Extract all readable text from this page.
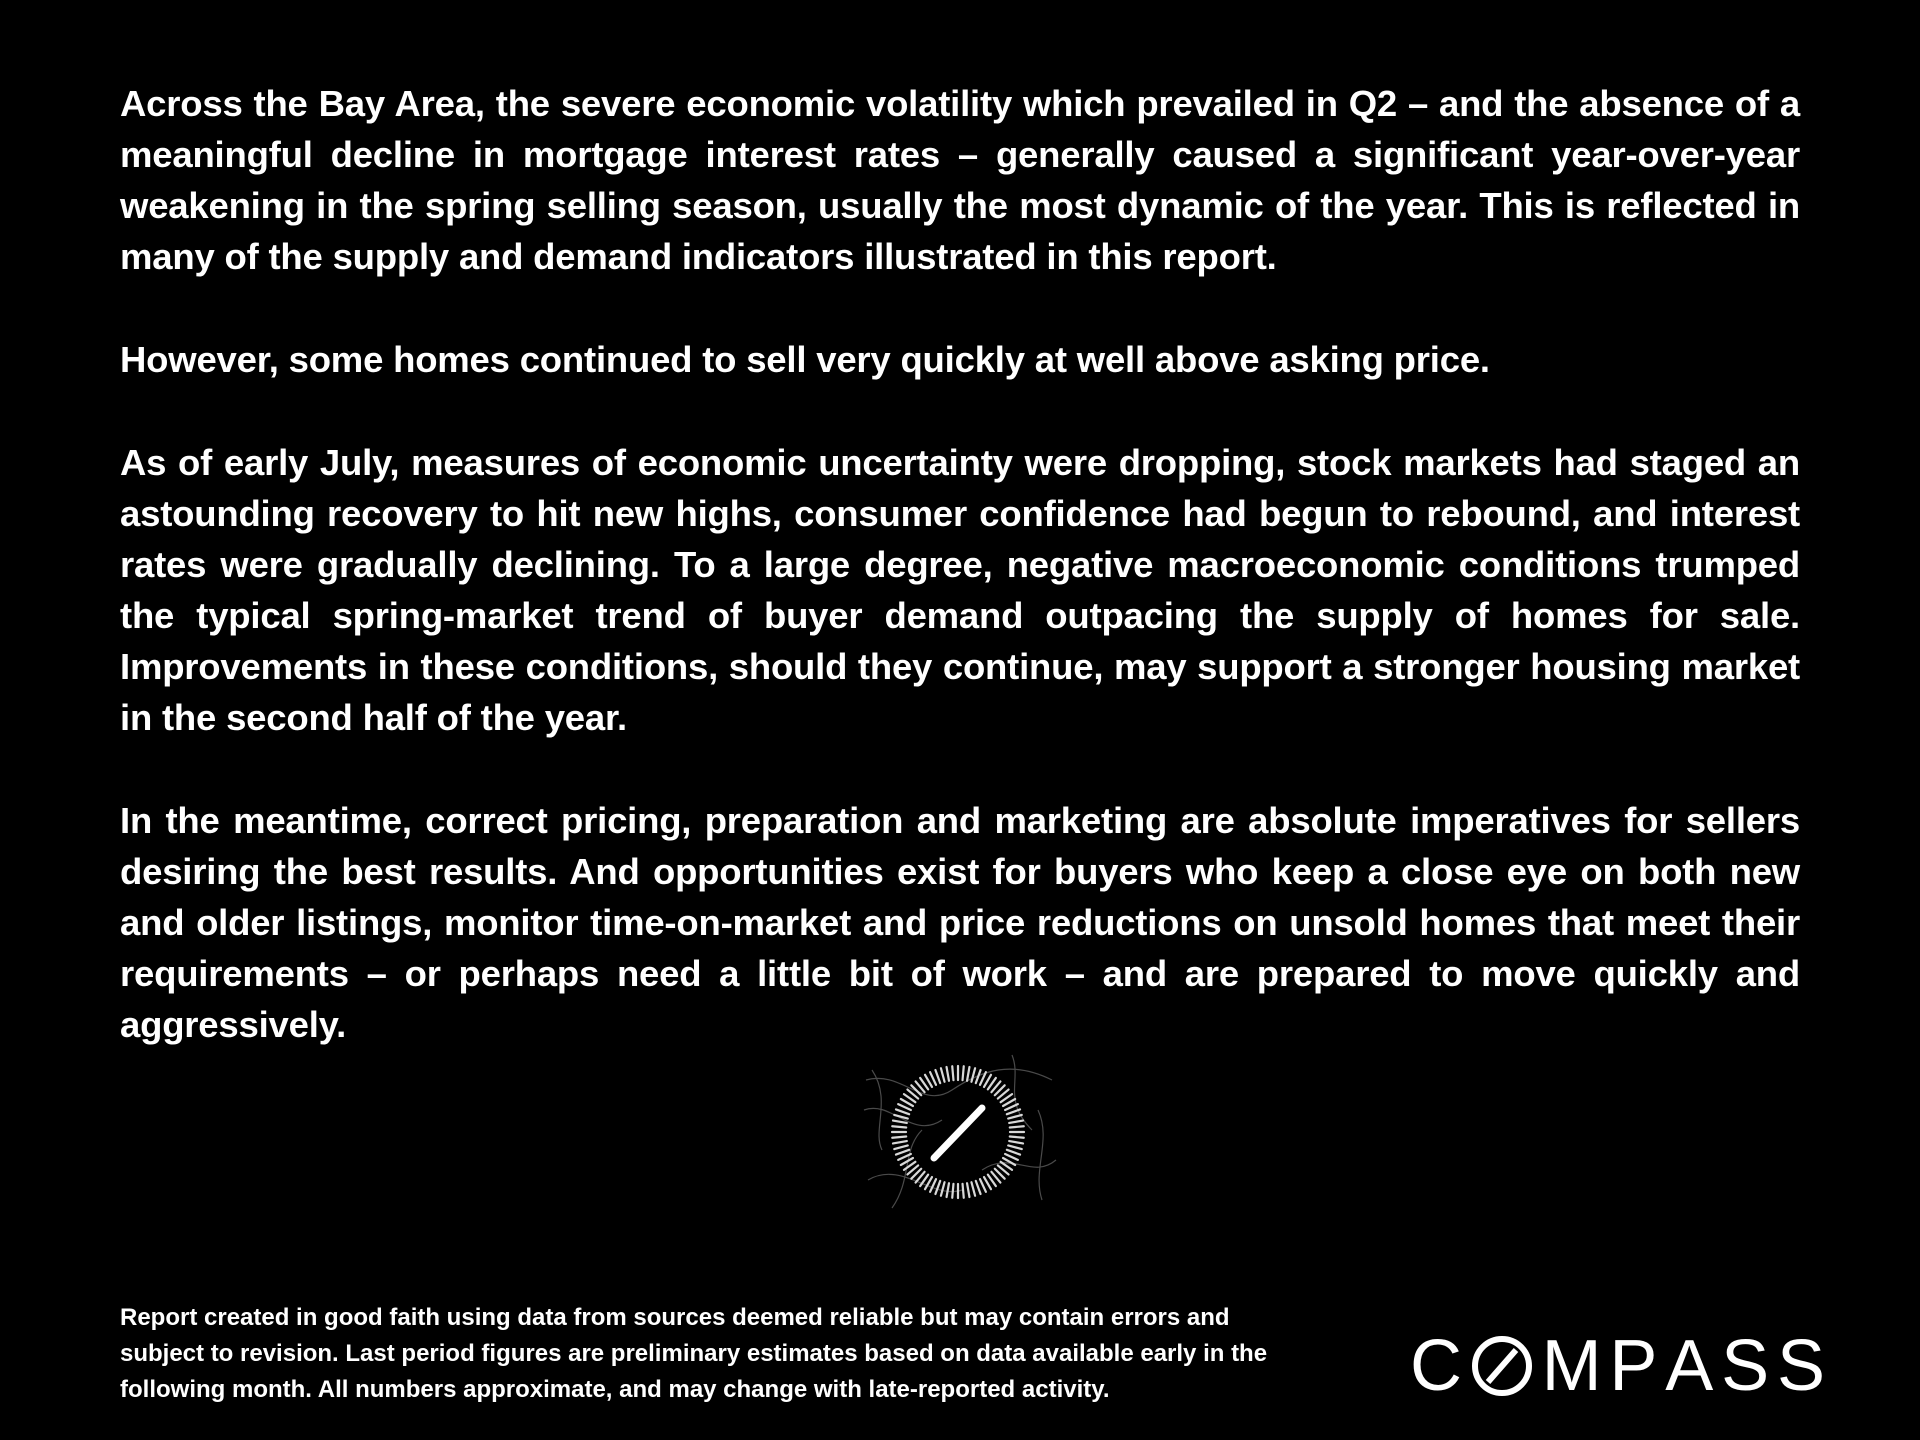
Across the Bay Area, the severe economic volatility which prevailed in Q2 – and the absence of a meaningful decline in mortgage interest rates – generally caused a significant year-over-year weakening in the spring selling season, usually the most dynamic of the year. This is reflected in many of the supply and demand indicators illustrated in this report.

However, some homes continued to sell very quickly at well above asking price.

As of early July, measures of economic uncertainty were dropping, stock markets had staged an astounding recovery to hit new highs, consumer confidence had begun to rebound, and interest rates were gradually declining. To a large degree, negative macroeconomic conditions trumped the typical spring-market trend of buyer demand outpacing the supply of homes for sale. Improvements in these conditions, should they continue, may support a stronger housing market in the second half of the year.

In the meantime, correct pricing, preparation and marketing are absolute imperatives for sellers desiring the best results. And opportunities exist for buyers who keep a close eye on both new and older listings, monitor time-on-market and price reductions on unsold homes that meet their requirements – or perhaps need a little bit of work – and are prepared to move quickly and aggressively.

Report created in good faith using data from sources deemed reliable but may contain errors and subject to revision. Last period figures are preliminary estimates based on data available early in the following month. All numbers approximate, and may change with late-reported activity.	C M P A S S
